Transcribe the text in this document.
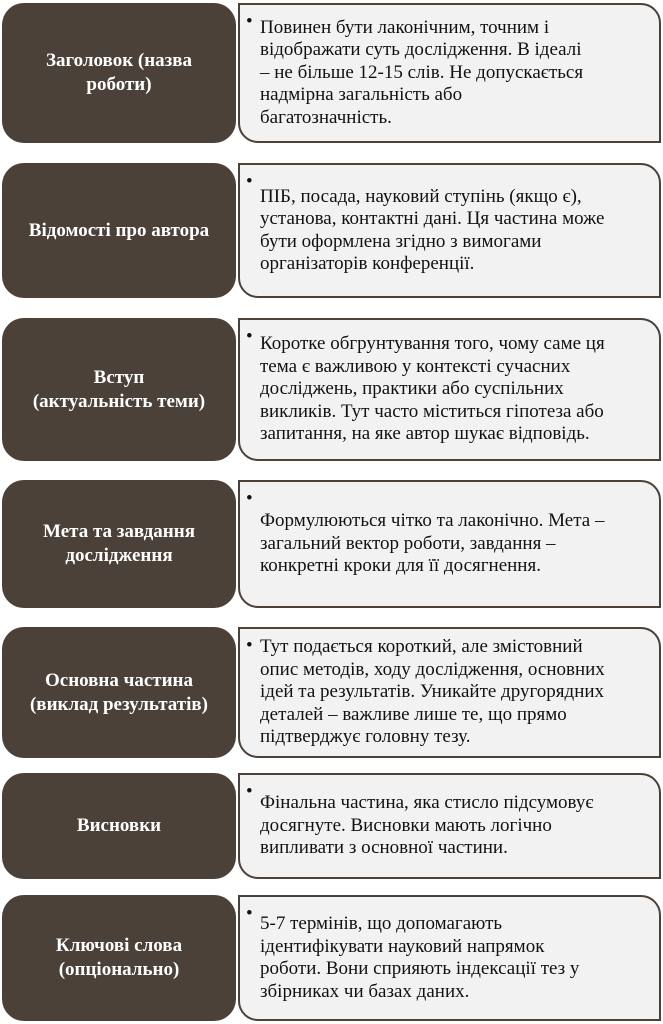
Заголовок (назва
роботи)
• Повинен бути лаконічним, точним і
відображати суть дослідження. В ідеалі
– не більше 12-15 слів. Не допускається
надмірна загальність або
багатозначність.
Відомості про автора
•
ПІБ, посада, науковий ступінь (якщо є),
установа, контактні дані. Ця частина може
бути оформлена згідно з вимогами
організаторів конференції.
Вступ
(актуальність теми)
• Коротке обгрунтування того, чому саме ця
тема є важливою у контексті сучасних
досліджень, практики або суспільних
викликів. Тут часто міститься гіпотеза або
запитання, на яке автор шукає відповідь.
Мета та завдання
дослідження
•
Формулюються чітко та лаконічно. Мета –
загальний вектор роботи, завдання –
конкретні кроки для її досягнення.
Основна частина
(виклад результатів)
• Тут подається короткий, але змістовний
опис методів, ходу дослідження, основних
ідей та результатів. Уникайте другорядних
деталей – важливе лише те, що прямо
підтверджує головну тезу.
Висновки
•
Фінальна частина, яка стисло підсумовує
досягнуте. Висновки мають логічно
випливати з основної частини.
Ключові слова
(опціонально)
• 5-7 термінів, що допомагають
ідентифікувати науковий напрямок
роботи. Вони сприяють індексації тез у
збірниках чи базах даних.
